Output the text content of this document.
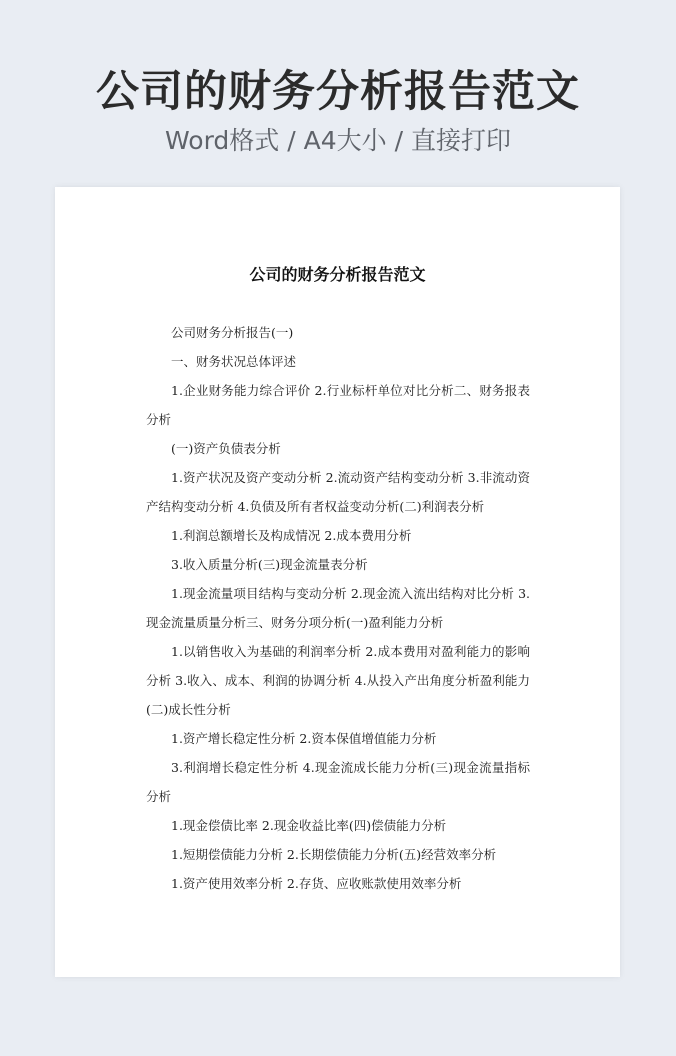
公司的财务分析报告范文
Word格式 / A4大小 / 直接打印
公司的财务分析报告范文

公司财务分析报告(一)

一、财务状况总体评述

1.企业财务能力综合评价 2.行业标杆单位对比分析二、财务报表分析

(一)资产负债表分析

1.资产状况及资产变动分析 2.流动资产结构变动分析 3.非流动资产结构变动分析 4.负债及所有者权益变动分析(二)利润表分析

1.利润总额增长及构成情况 2.成本费用分析

3.收入质量分析(三)现金流量表分析

1.现金流量项目结构与变动分析 2.现金流入流出结构对比分析 3.现金流量质量分析三、财务分项分析(一)盈利能力分析

1.以销售收入为基础的利润率分析 2.成本费用对盈利能力的影响分析 3.收入、成本、利润的协调分析 4.从投入产出角度分析盈利能力(二)成长性分析

1.资产增长稳定性分析 2.资本保值增值能力分析

3.利润增长稳定性分析 4.现金流成长能力分析(三)现金流量指标分析

1.现金偿债比率 2.现金收益比率(四)偿债能力分析

1.短期偿债能力分析 2.长期偿债能力分析(五)经营效率分析

1.资产使用效率分析 2.存货、应收账款使用效率分析
